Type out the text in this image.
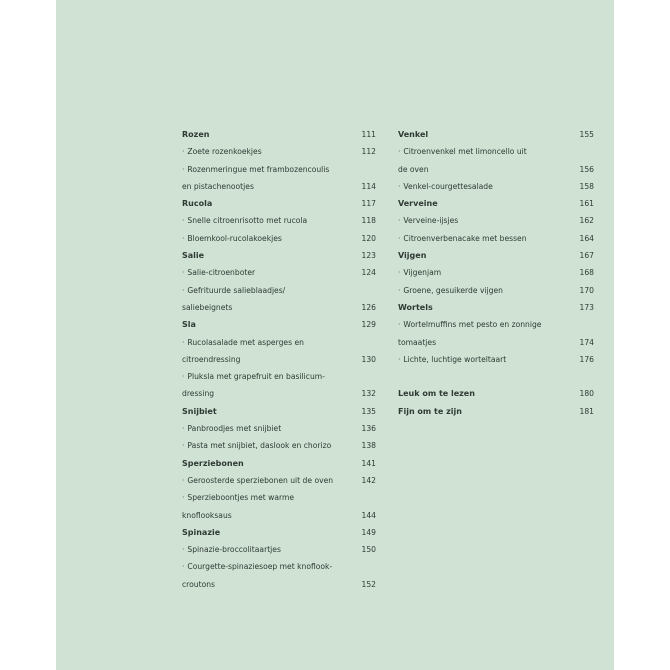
Rozen	111
· Zoete rozenkoekjes	112
· Rozenmeringue met frambozencoulis
en pistachenootjes	114
Rucola	117
· Snelle citroenrisotto met rucola	118
· Bloemkool-rucolakoekjes	120
Salie	123
· Salie-citroenboter	124
· Gefrituurde salieblaadjes/
saliebeignets	126
Sla	129
· Rucolasalade met asperges en
citroendressing	130
· Pluksla met grapefruit en basilicum-
dressing	132
Snijbiet	135
· Panbroodjes met snijbiet	136
· Pasta met snijbiet, daslook en chorizo	138
Sperziebonen	141
· Geroosterde sperziebonen uit de oven	142
· Sperzieboontjes met warme
knoflooksaus	144
Spinazie	149
· Spinazie-broccolitaartjes	150
· Courgette-spinaziesoep met knoflook-
croutons	152
Venkel	155
· Citroenvenkel met limoncello uit
de oven	156
· Venkel-courgettesalade	158
Verveine	161
· Verveine-ijsjes	162
· Citroenverbenacake met bessen	164
Vijgen	167
· Vijgenjam	168
· Groene, gesuikerde vijgen	170
Wortels	173
· Wortelmuffins met pesto en zonnige
tomaatjes	174
· Lichte, luchtige worteltaart	176
Leuk om te lezen	180
Fijn om te zijn	181
